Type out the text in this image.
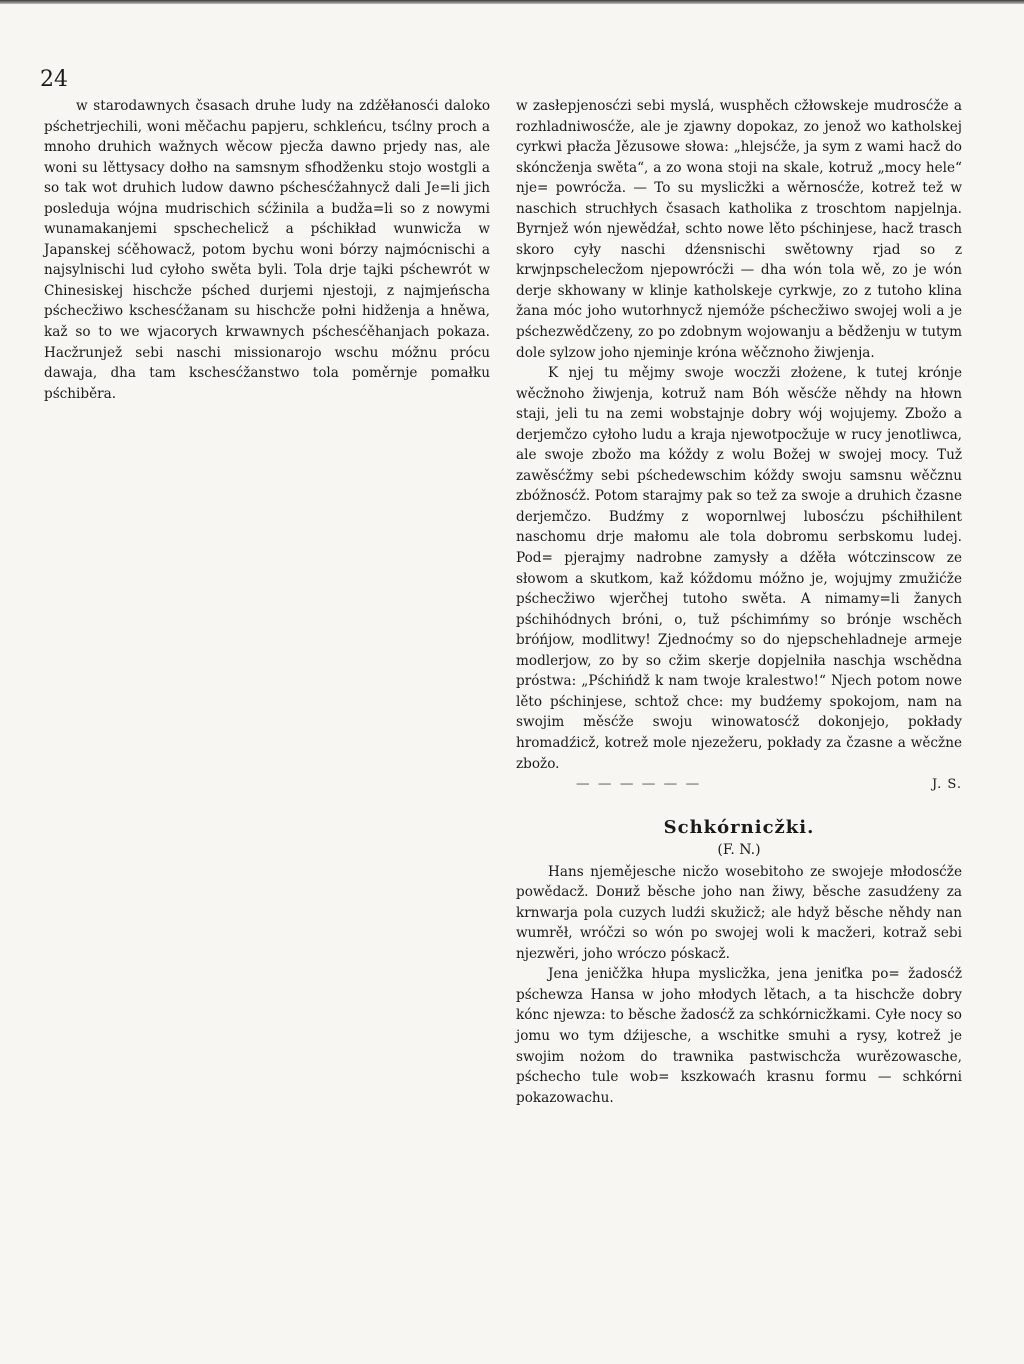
24

w starodawnych čsasach druhe ludy na zdźěłanosći daloko pśchetrjechili, woni měčachu papjeru, schkleńcu, tsćlny proch a mnoho druhich wažnych wěcow pjecža dawno prjedy nas, ale woni su lěttysacy dołho na samsnym sfhodženku stojo wostgli a so tak wot druhich ludow dawno pśchesćžahnycž dali Je=li jich posleduja wójna mudrischich sćžinila a budža=li so z nowymi wunamakanjemi spschechelicž a pśchikład wunwicža w Japanskej sćěhowacž, potom bychu woni bórzy najmócnischi a najsylnischi lud cyłoho swěta byli. Tola drje tajki pśchewrót w Chinesiskej hischcže pśched durjemi njestoji, z najmjeńscha pśchecžiwo kschesćžanam su hischcže połni hidženja a hněwa, kaž so to we wjacorych krwawnych pśchesćěhanjach pokaza. Hacžrunjež sebi naschi missionarojo wschu móžnu prócu dawaja, dha tam kschesćžanstwo tola poměrnje pomałku pśchiběra.

w zasłepjenosćzi sebi myslá, wusphěch cžłowskeje mudrosćže a rozhladniwosćže, ale je zjawny dopokaz, zo jenož wo katholskej cyrkwi płacža Jězusowe słowa: „hlejsćže, ja sym z wami hacž do skóncženja swěta“, a zo wona stoji na skale, kotruž „mocy hele“ nje= powrócža. — To su myslicžki a wěrnosćže, kotrež tež w naschich struchłych čsasach katholika z troschtom napjelnja. Byrnjež wón njewědźał, schto nowe lěto pśchinjese, hacž trasch skoro cyły naschi dźensnischi swětowny rjad so z krwjnpschelecžom njepowrócži — dha wón tola wě, zo je wón derje skhowany w klinje katholskeje cyrkwje, zo z tutoho klina žana móc joho wutorhnycž njemóže pśchecžiwo swojej woli a je pśchezwědčzeny, zo po zdobnym wojowanju a bědženju w tutym dole sylzow joho njeminje króna wěčznoho žiwjenja.

K njej tu mějmy swoje woczži złożene, k tutej krónje wěcžnoho žiwjenja, kotruž nam Bóh wěsćže něhdy na hłown staji, jeli tu na zemi wobstajnje dobry wój wojujemy. Zbožo a derjemčzo cyłoho ludu a kraja njewotpocžuje w rucy jenotliwca, ale swoje zbožo ma kóždy z wolu Božej w swojej mocy. Tuž zawěsćžmy sebi pśchedewschim kóždy swoju samsnu wěčznu zbóžnosćž. Potom starajmy pak so tež za swoje a druhich čzasne derjemčzo. Budźmy z wopornlwej lubosćzu pśchiłhilent naschomu drje małomu ale tola dobromu serbskomu ludej. Pod= pjerajmy nadrobne zamysły a dźěła wótczinscow ze słowom a skutkom, kaž kóždomu móžno je, wojujmy zmužićže pśchecžiwo wjerčhej tutoho swěta. A nimamy=li žanych pśchihódnych bróni, o, tuž pśchimńmy so brónje wschěch bróńjow, modlitwy! Zjednoćmy so do njepschehladneje armeje modlerjow, zo by so cžim skerje dopjelniła naschja wschědna próstwa: „Pśchińdž k nam twoje kralestwo!“ Njech potom nowe lěto pśchinjese, schtož chce: my budźemy spokojom, nam na swojim měsćže swoju winowatosćž dokonjejo, pokłady hromadźicž, kotrež mole njezežeru, pokłady za čzasne a wěcžne zbožo.

— — — — — —	J. S.
Schkórnicžki.
(F. N.)

Hans njemějesche nicžo wosebitoho ze swojeje młodosćže powědacž. Dониž běsche joho nan žiwy, běsche zasudźeny za krnwarja pola cuzych ludźi skužicž; ale hdyž běsche něhdy nan wumrěł, wróčzi so wón po swojej woli k macžeri, kotraž sebi njezwěri, joho wróczo póskacž.

Jena jeničžka hłupa myslicžka, jena jeniťka po= žadosćž pśchewza Hansa w joho młodych lětach, a ta hischcže dobry kónc njewza: to běsche žadosćž za schkórnicžkami. Cyłe nocy so jomu wo tym dźijesche, a wschitke smuhi a rysy, kotrež je swojim nożom do trawnika pastwischcža wurězowasche, pśchecho tule wob= kszkowaćh krasnu formu — schkórni pokazowachu.
